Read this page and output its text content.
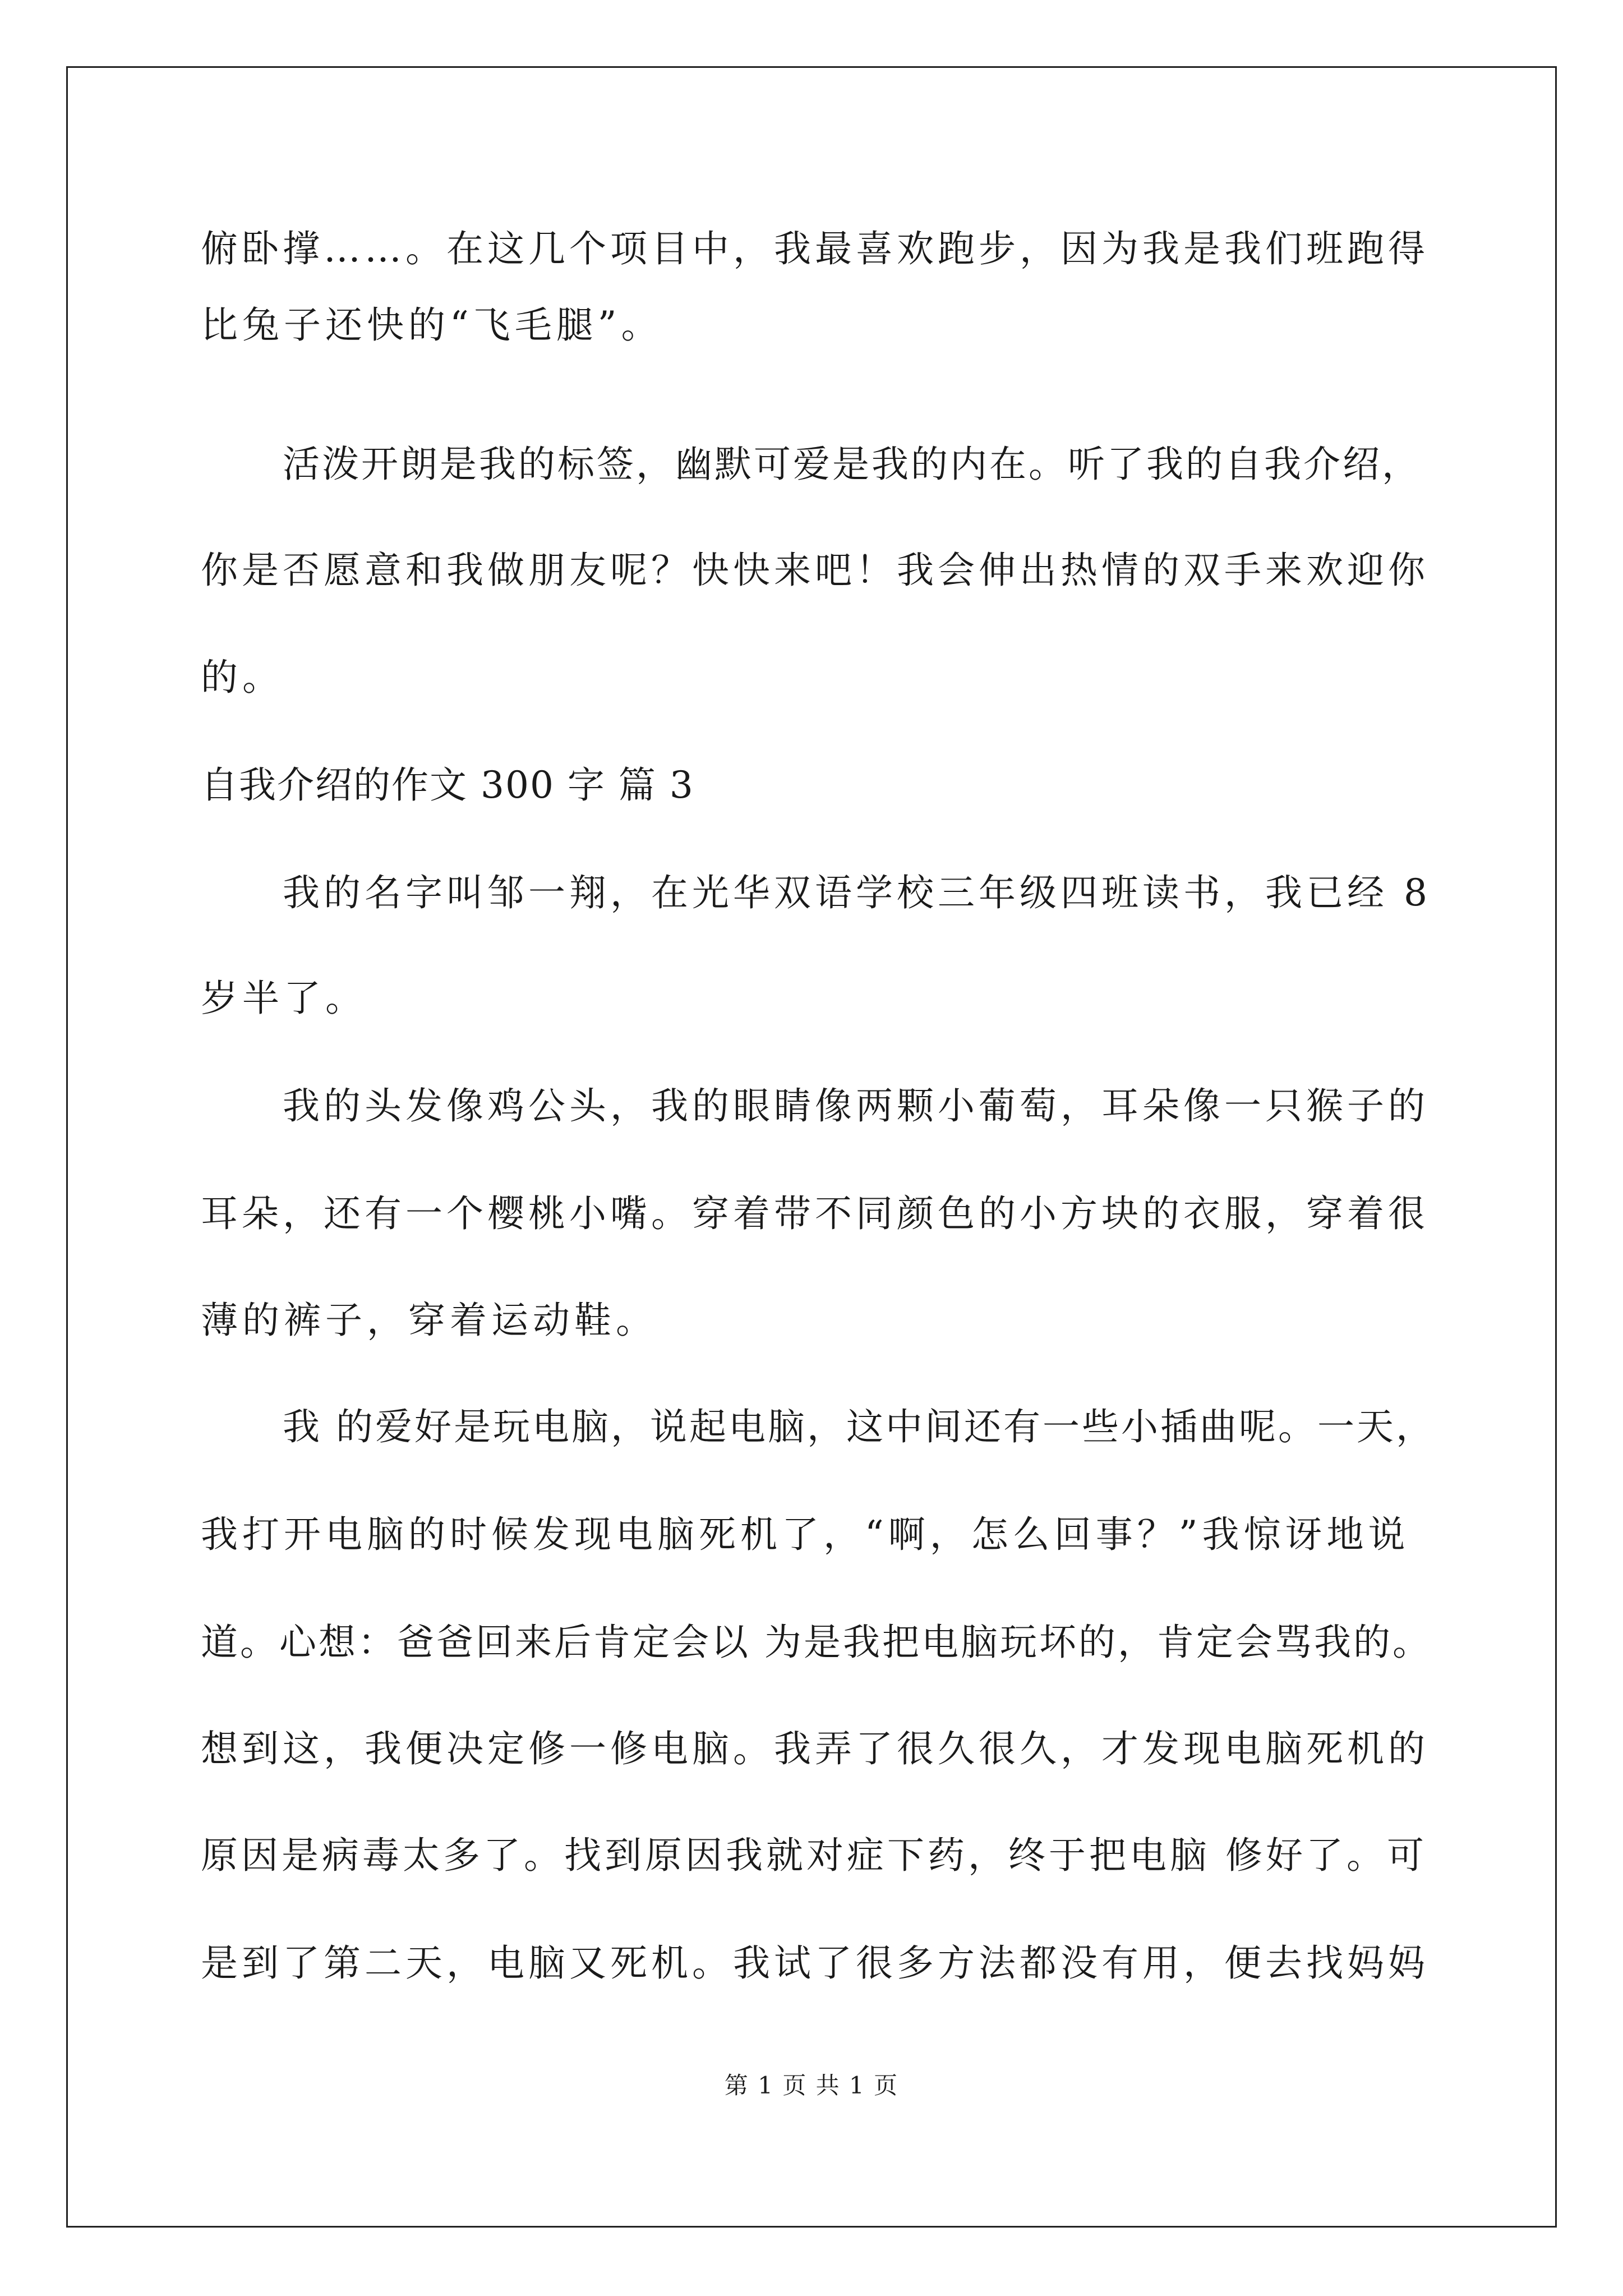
俯卧撑……。在这几个项目中，我最喜欢跑步，因为我是我们班跑得
比兔子还快的“飞毛腿”。
活泼开朗是我的标签，幽默可爱是我的内在。听了我的自我介绍，
你是否愿意和我做朋友呢？快快来吧！我会伸出热情的双手来欢迎你
的。
自我介绍的作文 300 字 篇 3
我的名字叫邹一翔，在光华双语学校三年级四班读书，我已经 8
岁半了。
我的头发像鸡公头，我的眼睛像两颗小葡萄，耳朵像一只猴子的
耳朵，还有一个樱桃小嘴。穿着带不同颜色的小方块的衣服，穿着很
薄的裤子，穿着运动鞋。
我 的爱好是玩电脑，说起电脑，这中间还有一些小插曲呢。一天，
我打开电脑的时候发现电脑死机了，“啊，怎么回事？”我惊讶地说
道。心想：爸爸回来后肯定会以 为是我把电脑玩坏的，肯定会骂我的。
想到这，我便决定修一修电脑。我弄了很久很久，才发现电脑死机的
原因是病毒太多了。找到原因我就对症下药，终于把电脑 修好了。可
是到了第二天，电脑又死机。我试了很多方法都没有用，便去找妈妈
第 1 页 共 1 页
